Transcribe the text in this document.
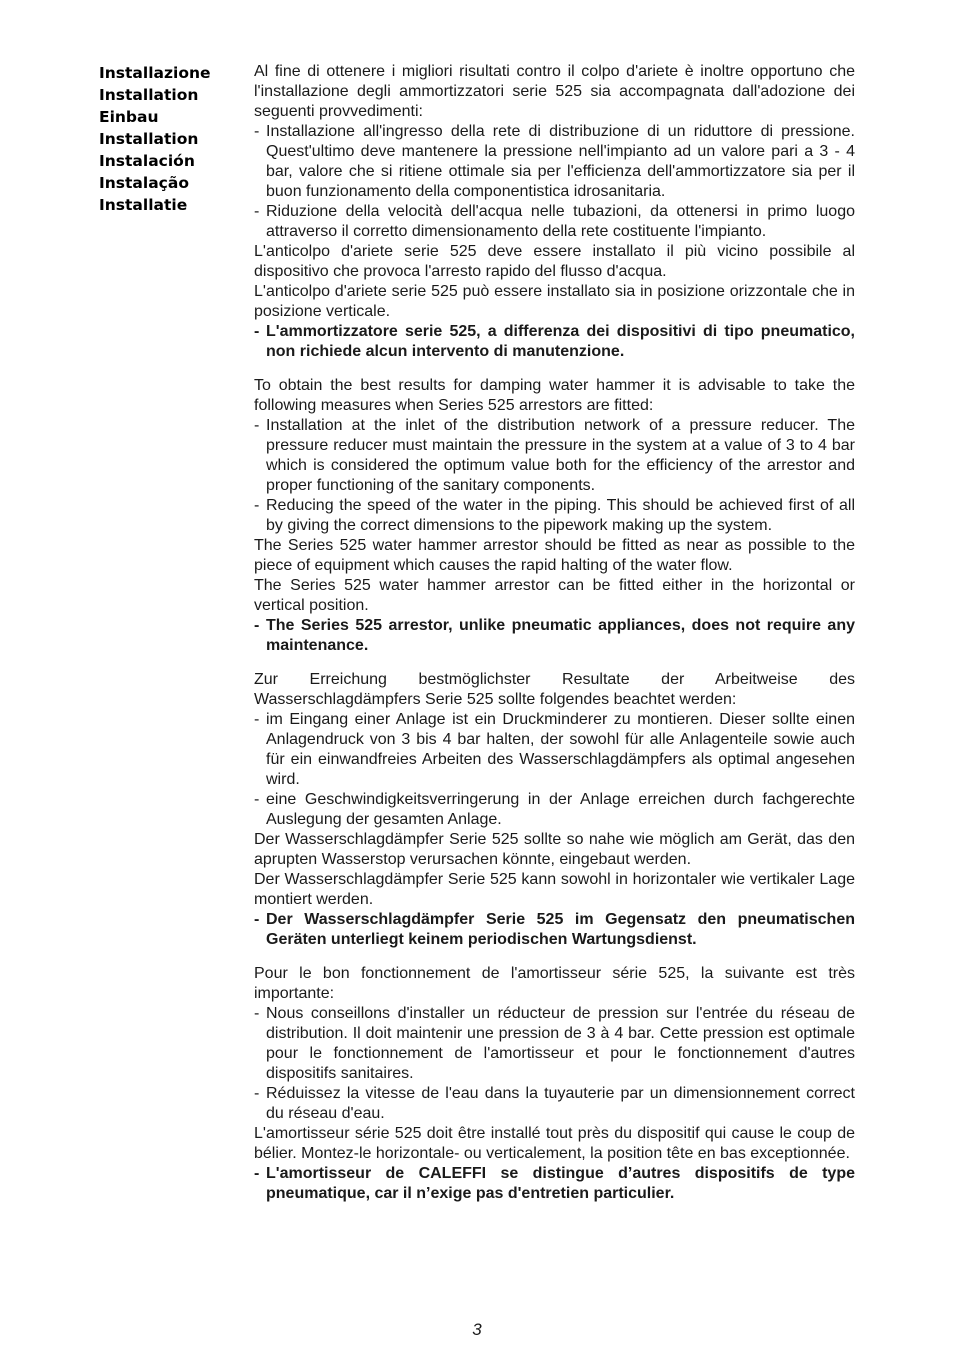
Installazione
Installation
Einbau
Installation
Instalación
Instalação
Installatie

Al fine di ottenere i migliori risultati contro il colpo d'ariete è inoltre opportuno che l'installazione degli ammortizzatori serie 525 sia accompagnata dall'adozione dei seguenti provvedimenti:

- Installazione all'ingresso della rete di distribuzione di un riduttore di pressione. Quest'ultimo deve mantenere la pressione nell'impianto ad un valore pari a 3 - 4 bar, valore che si ritiene ottimale sia per l'efficienza dell'ammortizzatore sia per il buon funzionamento della componentistica idrosanitaria.
- Riduzione della velocità dell'acqua nelle tubazioni, da ottenersi in primo luogo attraverso il corretto dimensionamento della rete costituente l'impianto.

L'anticolpo d'ariete serie 525 deve essere installato il più vicino possibile al dispositivo che provoca l'arresto rapido del flusso d'acqua.

L'anticolpo d'ariete serie 525 può essere installato sia in posizione orizzontale che in posizione verticale.

- L'ammortizzatore serie 525, a differenza dei dispositivi di tipo pneumatico, non richiede alcun intervento di manutenzione.

To obtain the best results for damping water hammer it is advisable to take the following measures when Series 525 arrestors are fitted:

- Installation at the inlet of the distribution network of a pressure reducer. The pressure reducer must maintain the pressure in the system at a value of 3 to 4 bar which is considered the optimum value both for the efficiency of the arrestor and proper functioning of the sanitary components.
- Reducing the speed of the water in the piping. This should be achieved first of all by giving the correct dimensions to the pipework making up the system.

The Series 525 water hammer arrestor should be fitted as near as possible to the piece of equipment which causes the rapid halting of the water flow.

The Series 525 water hammer arrestor can be fitted either in the horizontal or vertical position.

- The Series 525 arrestor, unlike pneumatic appliances, does not require any maintenance.

Zur Erreichung bestmöglichster Resultate der Arbeitweise des Wasserschlagdämpfers Serie 525 sollte folgendes beachtet werden:

- im Eingang einer Anlage ist ein Druckminderer zu montieren. Dieser sollte einen Anlagendruck von 3 bis 4 bar halten, der sowohl für alle Anlagenteile sowie auch für ein einwandfreies Arbeiten des Wasserschlagdämpfers als optimal angesehen wird.
- eine Geschwindigkeitsverringerung in der Anlage erreichen durch fachgerechte Auslegung der gesamten Anlage.

Der Wasserschlagdämpfer Serie 525 sollte so nahe wie möglich am Gerät, das den aprupten Wasserstop verursachen könnte, eingebaut werden.

Der Wasserschlagdämpfer Serie 525 kann sowohl in horizontaler wie vertikaler Lage montiert werden.

- Der Wasserschlagdämpfer Serie 525 im Gegensatz den pneumatischen Geräten unterliegt keinem periodischen Wartungsdienst.

Pour le bon fonctionnement de l'amortisseur série 525, la suivante est très importante:

- Nous conseillons d'installer un réducteur de pression sur l'entrée du réseau de distribution. Il doit maintenir une pression de 3 à 4 bar. Cette pression est optimale pour le fonctionnement de l'amortisseur et pour le fonctionnement d'autres dispositifs sanitaires.
- Réduissez la vitesse de l'eau dans la tuyauterie par un dimensionnement correct du réseau d'eau.

L'amortisseur série 525 doit être installé tout près du dispositif qui cause le coup de bélier. Montez-le horizontale- ou verticalement, la position tête en bas exceptionnée.

- L'amortisseur de CALEFFI se distingue d’autres dispositifs de type pneumatique, car il n’exige pas d'entretien particulier.
3
